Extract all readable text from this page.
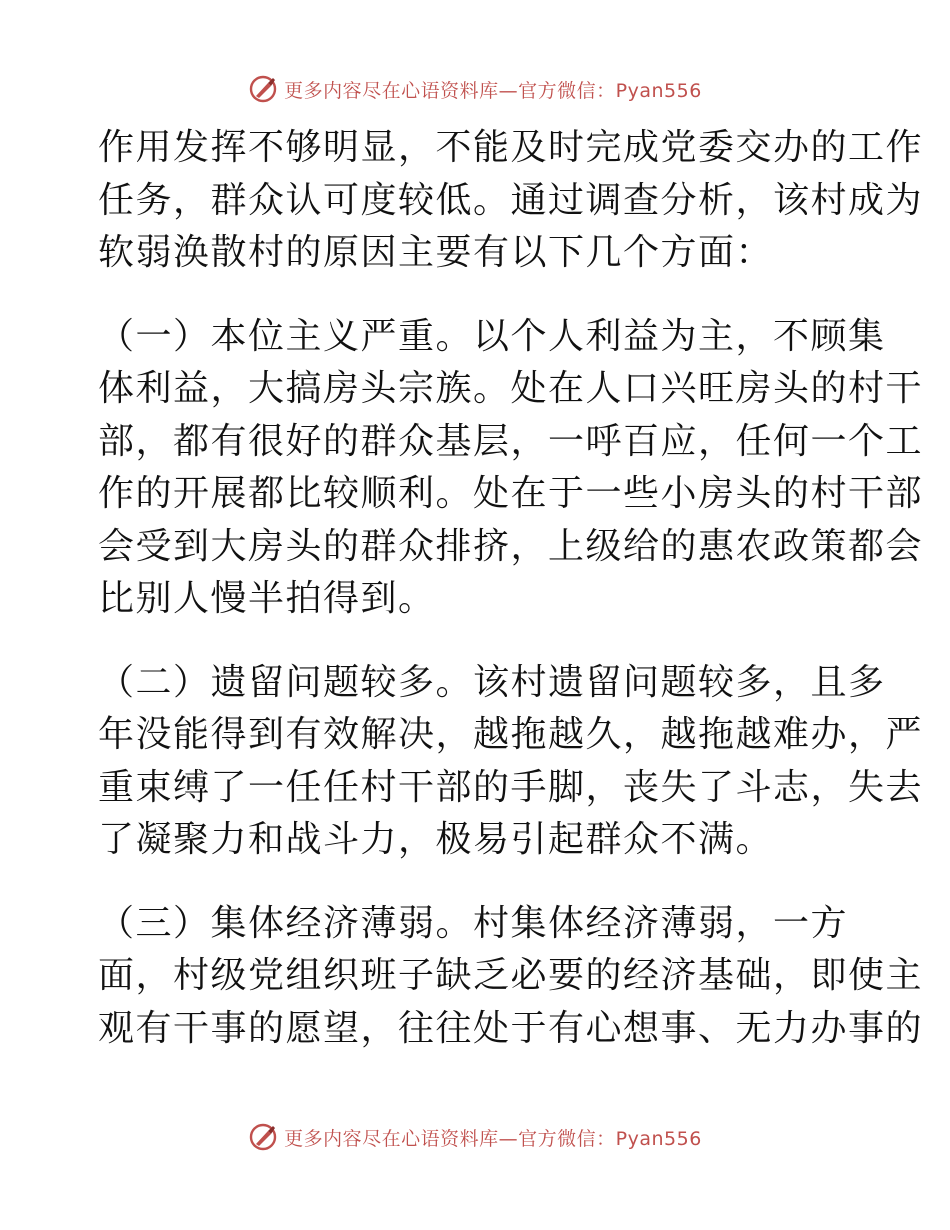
更多内容尽在心语资料库—官方微信：Pyan556
作用发挥不够明显，不能及时完成党委交办的工作
任务，群众认可度较低。通过调查分析，该村成为
软弱涣散村的原因主要有以下几个方面：
（一）本位主义严重。以个人利益为主，不顾集
体利益，大搞房头宗族。处在人口兴旺房头的村干
部，都有很好的群众基层，一呼百应，任何一个工
作的开展都比较顺利。处在于一些小房头的村干部
会受到大房头的群众排挤，上级给的惠农政策都会
比别人慢半拍得到。
（二）遗留问题较多。该村遗留问题较多，且多
年没能得到有效解决，越拖越久，越拖越难办，严
重束缚了一任任村干部的手脚，丧失了斗志，失去
了凝聚力和战斗力，极易引起群众不满。
（三）集体经济薄弱。村集体经济薄弱，一方
面，村级党组织班子缺乏必要的经济基础，即使主
观有干事的愿望，往往处于有心想事、无力办事的
更多内容尽在心语资料库—官方微信：Pyan556
